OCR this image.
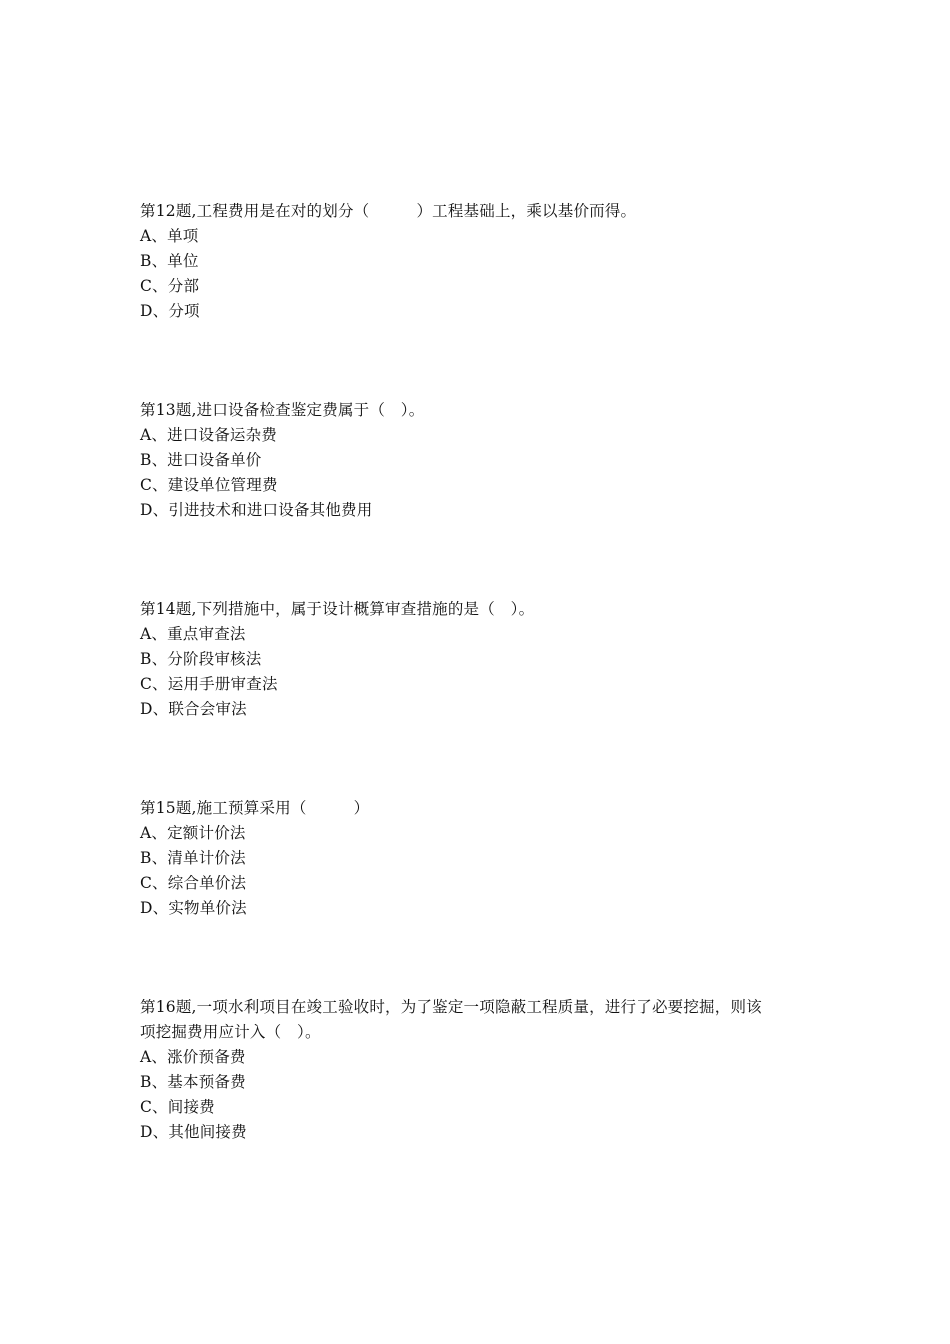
第12题,工程费用是在对的划分（　　　）工程基础上，乘以基价而得。
A、单项
B、单位
C、分部
D、分项
第13题,进口设备检查鉴定费属于（　）。
A、进口设备运杂费
B、进口设备单价
C、建设单位管理费
D、引进技术和进口设备其他费用
第14题,下列措施中，属于设计概算审查措施的是（　）。
A、重点审查法
B、分阶段审核法
C、运用手册审查法
D、联合会审法
第15题,施工预算采用（　　　）
A、定额计价法
B、清单计价法
C、综合单价法
D、实物单价法
第16题,一项水利项目在竣工验收时，为了鉴定一项隐蔽工程质量，进行了必要挖掘，则该
项挖掘费用应计入（　）。
A、涨价预备费
B、基本预备费
C、间接费
D、其他间接费
